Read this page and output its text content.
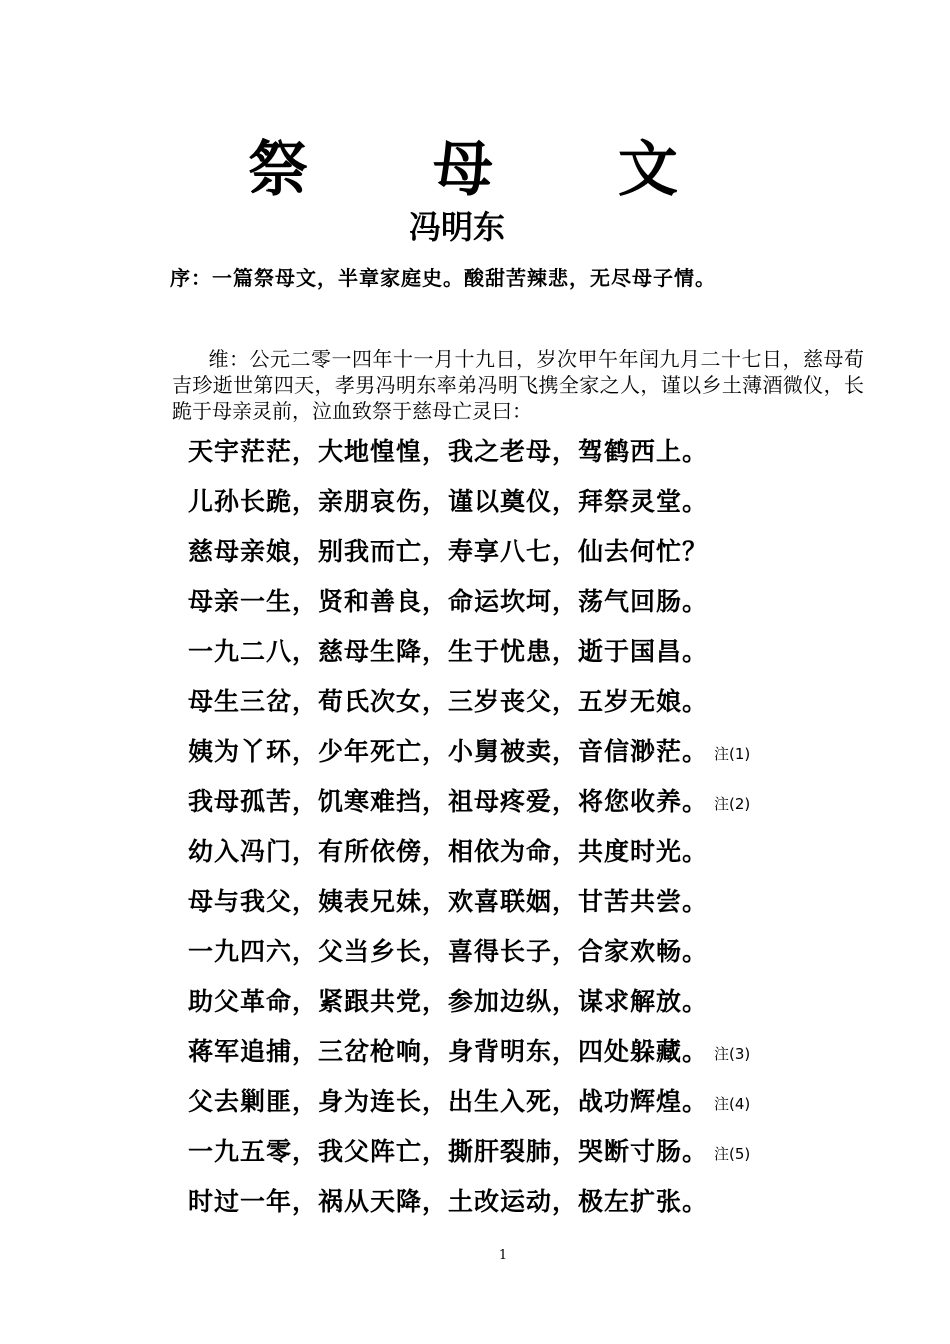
祭 母 文
冯明东
序：一篇祭母文，半章家庭史。酸甜苦辣悲，无尽母子情。
维：公元二零一四年十一月十九日，岁次甲午年闰九月二十七日，慈母荀吉珍逝世第四天，孝男冯明东率弟冯明飞携全家之人，谨以乡土薄酒微仪，长跪于母亲灵前，泣血致祭于慈母亡灵曰：
天宇茫茫，大地惶惶，我之老母，驾鹤西上。
儿孙长跪，亲朋哀伤，谨以奠仪，拜祭灵堂。
慈母亲娘，别我而亡，寿享八七，仙去何忙？
母亲一生，贤和善良，命运坎坷，荡气回肠。
一九二八，慈母生降，生于忧患，逝于国昌。
母生三岔，荀氏次女，三岁丧父，五岁无娘。
姨为丫环，少年死亡，小舅被卖，音信渺茫。 注(1)
我母孤苦，饥寒难挡，祖母疼爱，将您收养。 注(2)
幼入冯门，有所依傍，相依为命，共度时光。
母与我父，姨表兄妹，欢喜联姻，甘苦共尝。
一九四六，父当乡长，喜得长子，合家欢畅。
助父革命，紧跟共党，参加边纵，谋求解放。
蒋军追捕，三岔枪响，身背明东，四处躲藏。 注(3)
父去剿匪，身为连长，出生入死，战功辉煌。 注(4)
一九五零，我父阵亡，撕肝裂肺，哭断寸肠。 注(5)
时过一年，祸从天降，土改运动，极左扩张。
1
